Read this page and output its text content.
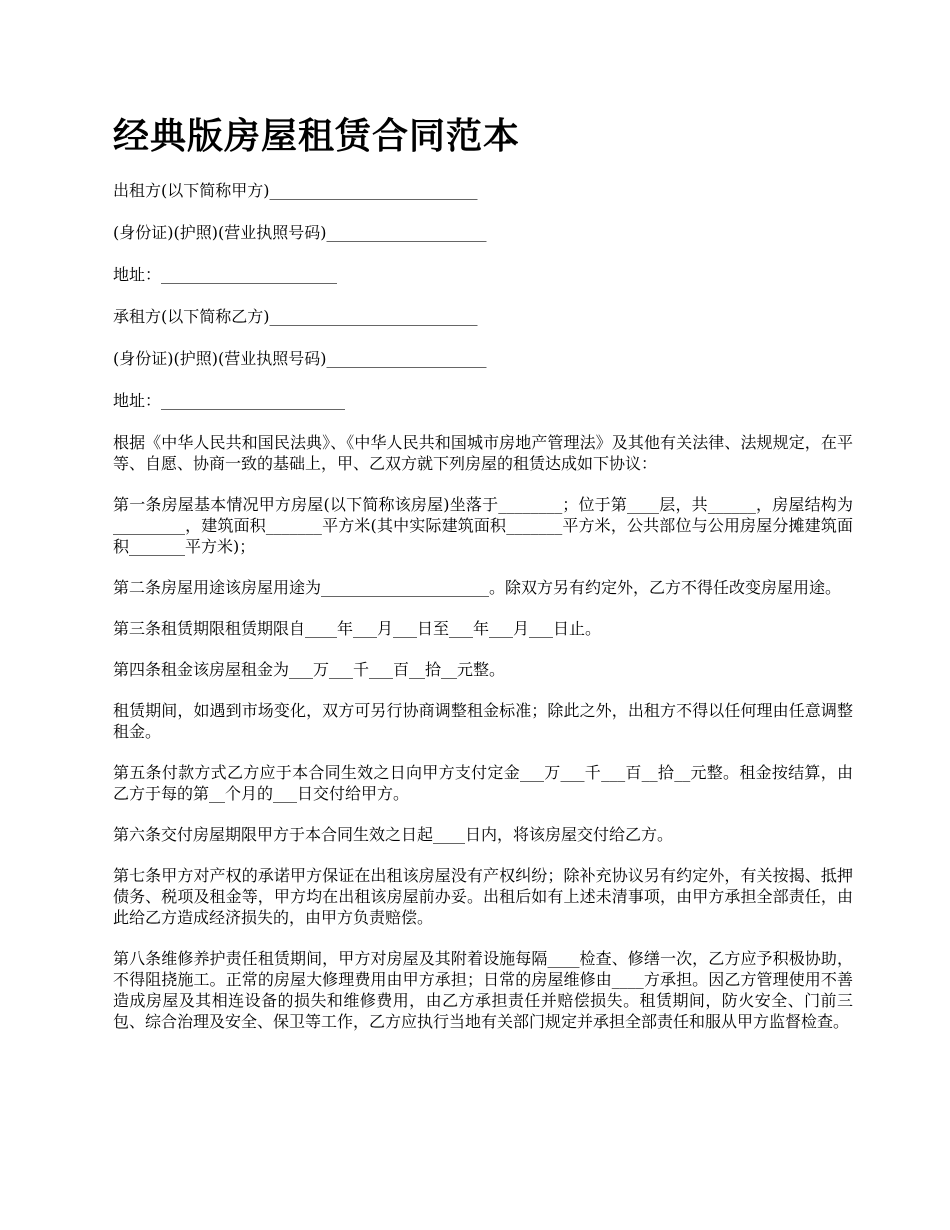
经典版房屋租赁合同范本
出租方(以下简称甲方)__________________________
(身份证)(护照)(营业执照号码)____________________
地址：______________________
承租方(以下简称乙方)__________________________
(身份证)(护照)(营业执照号码)____________________
地址：_______________________

根据《中华人民共和国民法典》、《中华人民共和国城市房地产管理法》及其他有关法律、法规规定，在平等、自愿、协商一致的基础上，甲、乙双方就下列房屋的租赁达成如下协议：

第一条房屋基本情况甲方房屋(以下简称该房屋)坐落于________；位于第____层，共______，房屋结构为_________，建筑面积_______平方米(其中实际建筑面积_______平方米，公共部位与公用房屋分摊建筑面积_______平方米)；

第二条房屋用途该房屋用途为_____________________。除双方另有约定外，乙方不得任改变房屋用途。

第三条租赁期限租赁期限自____年___月___日至___年___月___日止。

第四条租金该房屋租金为___万___千___百__拾__元整。

租赁期间，如遇到市场变化，双方可另行协商调整租金标准；除此之外，出租方不得以任何理由任意调整租金。

第五条付款方式乙方应于本合同生效之日向甲方支付定金___万___千___百__拾__元整。租金按结算，由乙方于每的第__个月的___日交付给甲方。

第六条交付房屋期限甲方于本合同生效之日起____日内，将该房屋交付给乙方。

第七条甲方对产权的承诺甲方保证在出租该房屋没有产权纠纷；除补充协议另有约定外，有关按揭、抵押债务、税项及租金等，甲方均在出租该房屋前办妥。出租后如有上述未清事项，由甲方承担全部责任，由此给乙方造成经济损失的，由甲方负责赔偿。

第八条维修养护责任租赁期间，甲方对房屋及其附着设施每隔____检查、修缮一次，乙方应予积极协助，不得阻挠施工。正常的房屋大修理费用由甲方承担；日常的房屋维修由____方承担。因乙方管理使用不善造成房屋及其相连设备的损失和维修费用，由乙方承担责任并赔偿损失。租赁期间，防火安全、门前三包、综合治理及安全、保卫等工作，乙方应执行当地有关部门规定并承担全部责任和服从甲方监督检查。
